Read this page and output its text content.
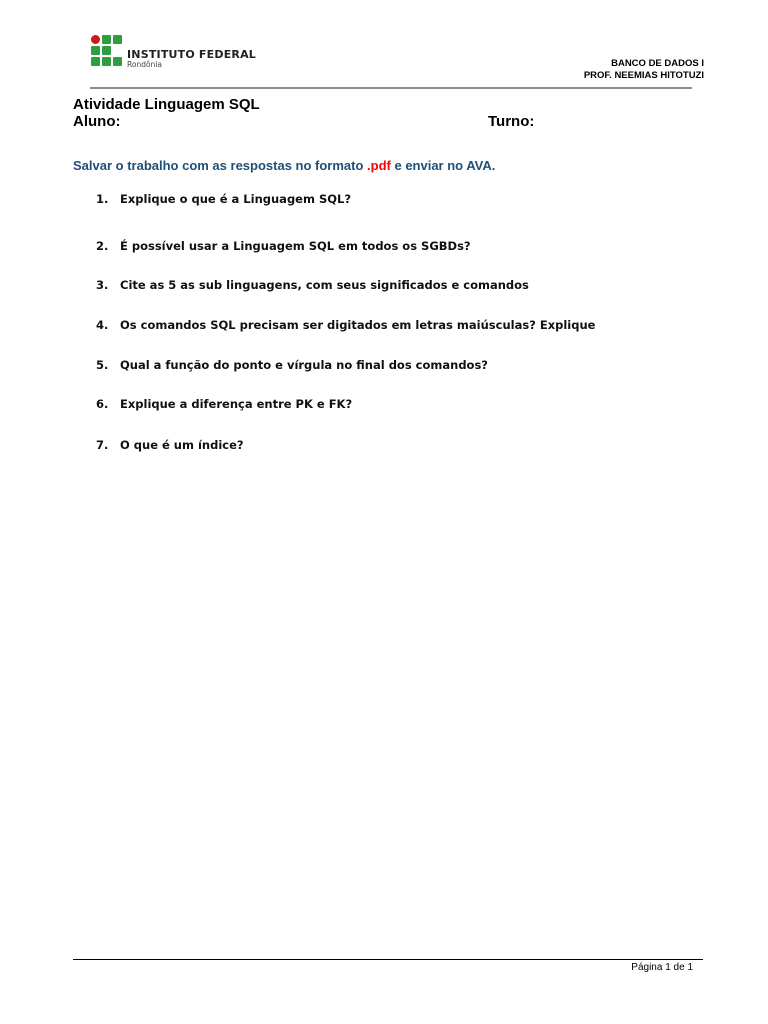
INSTITUTO FEDERAL
Rondônia	BANCO DE DADOS I
PROF. NEEMIAS HITOTUZI
Atividade Linguagem SQL
Aluno:	Turno:
Salvar o trabalho com as respostas no formato .pdf e enviar no AVA.
1. Explique o que é a Linguagem SQL?
2. É possível usar a Linguagem SQL em todos os SGBDs?
3. Cite as 5 as sub linguagens, com seus significados e comandos
4. Os comandos SQL precisam ser digitados em letras maiúsculas? Explique
5. Qual a função do ponto e vírgula no final dos comandos?
6. Explique a diferença entre PK e FK?
7. O que é um índice?
Página 1 de 1
